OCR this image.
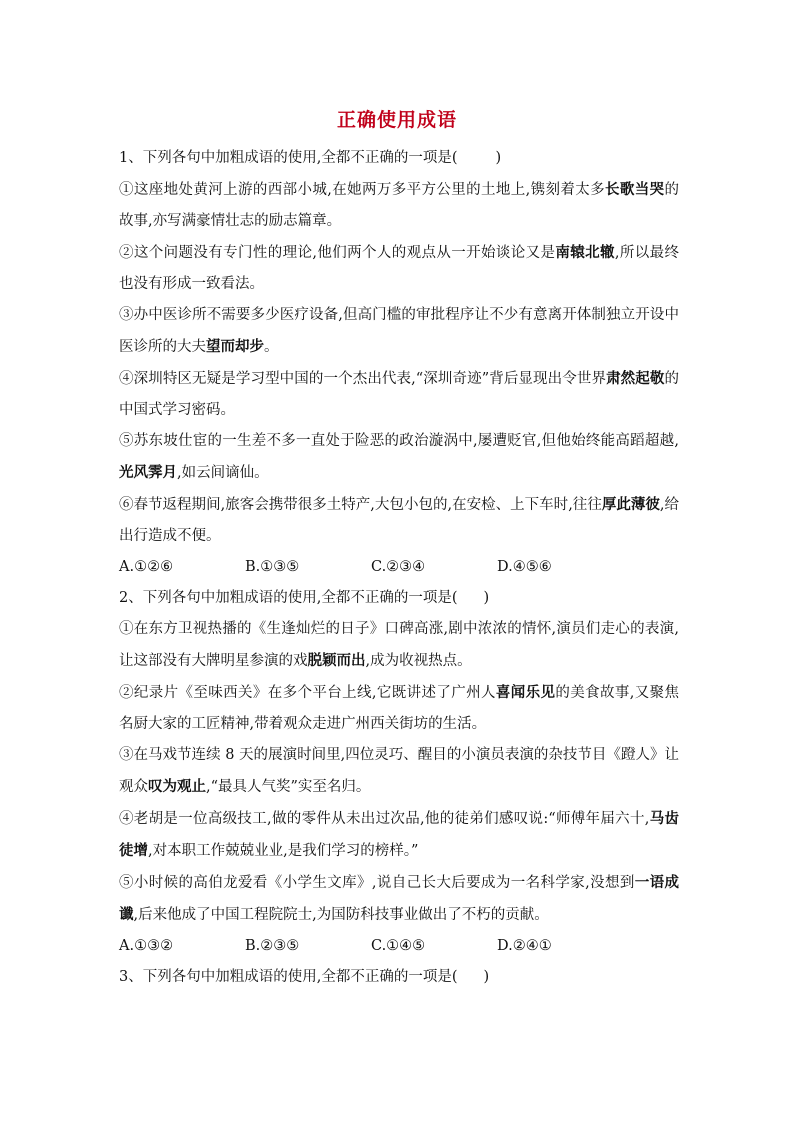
正确使用成语

1、下列各句中加粗成语的使用,全都不正确的一项是(	)

①这座地处黄河上游的西部小城,在她两万多平方公里的土地上,镌刻着太多长歌当哭的故事,亦写满豪情壮志的励志篇章。

②这个问题没有专门性的理论,他们两个人的观点从一开始谈论又是南辕北辙,所以最终也没有形成一致看法。

③办中医诊所不需要多少医疗设备,但高门槛的审批程序让不少有意离开体制独立开设中医诊所的大夫望而却步。

④深圳特区无疑是学习型中国的一个杰出代表,“深圳奇迹”背后显现出令世界肃然起敬的中国式学习密码。

⑤苏东坡仕宦的一生差不多一直处于险恶的政治漩涡中,屡遭贬官,但他始终能高蹈超越,光风霁月,如云间谪仙。

⑥春节返程期间,旅客会携带很多土特产,大包小包的,在安检、上下车时,往往厚此薄彼,给出行造成不便。

A.①②⑥	B.①③⑤	C.②③④	D.④⑤⑥

2、下列各句中加粗成语的使用,全都不正确的一项是( )

①在东方卫视热播的《生逢灿烂的日子》口碑高涨,剧中浓浓的情怀,演员们走心的表演,让这部没有大牌明星参演的戏脱颖而出,成为收视热点。

②纪录片《至味西关》在多个平台上线,它既讲述了广州人喜闻乐见的美食故事,又聚焦名厨大家的工匠精神,带着观众走进广州西关街坊的生活。

③在马戏节连续 8 天的展演时间里,四位灵巧、醒目的小演员表演的杂技节目《蹬人》让观众叹为观止,“最具人气奖”实至名归。

④老胡是一位高级技工,做的零件从未出过次品,他的徒弟们感叹说:“师傅年届六十,马齿徒增,对本职工作兢兢业业,是我们学习的榜样。”

⑤小时候的高伯龙爱看《小学生文库》,说自己长大后要成为一名科学家,没想到一语成谶,后来他成了中国工程院院士,为国防科技事业做出了不朽的贡献。

A.①③②	B.②③⑤	C.①④⑤	D.②④①

3、下列各句中加粗成语的使用,全都不正确的一项是( )
